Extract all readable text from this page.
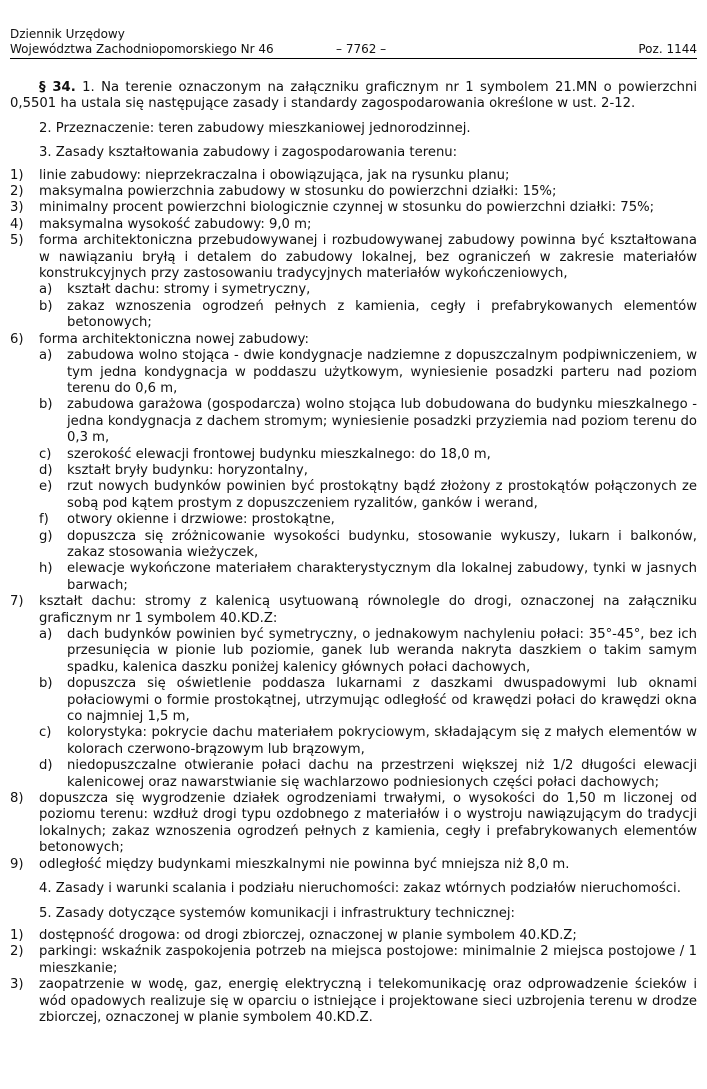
Dziennik Urzędowy
Województwa Zachodniopomorskiego Nr 46	– 7762 –	Poz. 1144

§ 34. 1. Na terenie oznaczonym na załączniku graficznym nr 1 symbolem 21.MN o powierzchni 0,5501 ha ustala się następujące zasady i standardy zagospodarowania określone w ust. 2-12.

2. Przeznaczenie: teren zabudowy mieszkaniowej jednorodzinnej.

3. Zasady kształtowania zabudowy i zagospodarowania terenu:

1) linie zabudowy: nieprzekraczalna i obowiązująca, jak na rysunku planu;
2) maksymalna powierzchnia zabudowy w stosunku do powierzchni działki: 15%;
3) minimalny procent powierzchni biologicznie czynnej w stosunku do powierzchni działki: 75%;
4) maksymalna wysokość zabudowy: 9,0 m;
5) forma architektoniczna przebudowywanej i rozbudowywanej zabudowy powinna być kształtowana w nawiązaniu bryłą i detalem do zabudowy lokalnej, bez ograniczeń w zakresie materiałów konstrukcyjnych przy zastosowaniu tradycyjnych materiałów wykończeniowych,
a) kształt dachu: stromy i symetryczny,
b) zakaz wznoszenia ogrodzeń pełnych z kamienia, cegły i prefabrykowanych elementów betonowych;
6) forma architektoniczna nowej zabudowy:
a) zabudowa wolno stojąca - dwie kondygnacje nadziemne z dopuszczalnym podpiwniczeniem, w tym jedna kondygnacja w poddaszu użytkowym, wyniesienie posadzki parteru nad poziom terenu do 0,6 m,
b) zabudowa garażowa (gospodarcza) wolno stojąca lub dobudowana do budynku mieszkalnego - jedna kondygnacja z dachem stromym; wyniesienie posadzki przyziemia nad poziom terenu do 0,3 m,
c) szerokość elewacji frontowej budynku mieszkalnego: do 18,0 m,
d) kształt bryły budynku: horyzontalny,
e) rzut nowych budynków powinien być prostokątny bądź złożony z prostokątów połączonych ze sobą pod kątem prostym z dopuszczeniem ryzalitów, ganków i werand,
f) otwory okienne i drzwiowe: prostokątne,
g) dopuszcza się zróżnicowanie wysokości budynku, stosowanie wykuszy, lukarn i balkonów, zakaz stosowania wieżyczek,
h) elewacje wykończone materiałem charakterystycznym dla lokalnej zabudowy, tynki w jasnych barwach;
7) kształt dachu: stromy z kalenicą usytuowaną równolegle do drogi, oznaczonej na załączniku graficznym nr 1 symbolem 40.KD.Z:
a) dach budynków powinien być symetryczny, o jednakowym nachyleniu połaci: 35°-45°, bez ich przesunięcia w pionie lub poziomie, ganek lub weranda nakryta daszkiem o takim samym spadku, kalenica daszku poniżej kalenicy głównych połaci dachowych,
b) dopuszcza się oświetlenie poddasza lukarnami z daszkami dwuspadowymi lub oknami połaciowymi o formie prostokątnej, utrzymując odległość od krawędzi połaci do krawędzi okna co najmniej 1,5 m,
c) kolorystyka: pokrycie dachu materiałem pokryciowym, składającym się z małych elementów w kolorach czerwono-brązowym lub brązowym,
d) niedopuszczalne otwieranie połaci dachu na przestrzeni większej niż 1/2 długości elewacji kalenicowej oraz nawarstwianie się wachlarzowo podniesionych części połaci dachowych;
8) dopuszcza się wygrodzenie działek ogrodzeniami trwałymi, o wysokości do 1,50 m liczonej od poziomu terenu: wzdłuż drogi typu ozdobnego z materiałów i o wystroju nawiązującym do tradycji lokalnych; zakaz wznoszenia ogrodzeń pełnych z kamienia, cegły i prefabrykowanych elementów betonowych;
9) odległość między budynkami mieszkalnymi nie powinna być mniejsza niż 8,0 m.

4. Zasady i warunki scalania i podziału nieruchomości: zakaz wtórnych podziałów nieruchomości.

5. Zasady dotyczące systemów komunikacji i infrastruktury technicznej:

1) dostępność drogowa: od drogi zbiorczej, oznaczonej w planie symbolem 40.KD.Z;
2) parkingi: wskaźnik zaspokojenia potrzeb na miejsca postojowe: minimalnie 2 miejsca postojowe / 1 mieszkanie;
3) zaopatrzenie w wodę, gaz, energię elektryczną i telekomunikację oraz odprowadzenie ścieków i wód opadowych realizuje się w oparciu o istniejące i projektowane sieci uzbrojenia terenu w drodze zbiorczej, oznaczonej w planie symbolem 40.KD.Z.
